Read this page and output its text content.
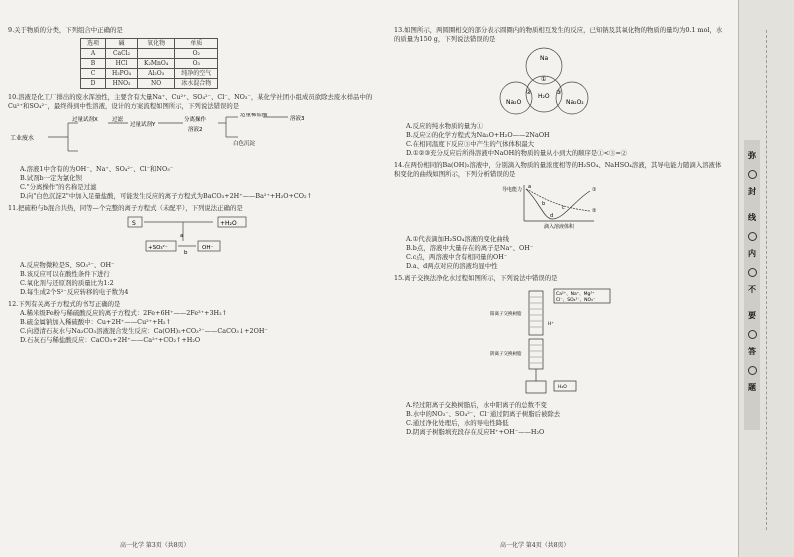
9.关于物质的分类，下列组合中正确的是

选项	碱	氧化物	单质
A	CaCl₂		O₂
B	HCl	K₂MnO₄	O₃
C	H₃PO₄	Al₂O₃	纯净的空气
D	HNO₃	NO	冰水混合物

10.溶液是化工厂排出的废水浑浊性，主要含有大量Na⁺、Cu²⁺、SO₄²⁻、Cl⁻、NO₃⁻，某化学社团小组成员欲除去废水样品中的Cu²⁺和SO₄²⁻，最终得到中性溶液，设计的方案流程如图所示，下列说法错误的是

工业废水
过量试剂X	过滤
过量试剂Y
分离操作
溶液2
适量稀盐酸
溶液3
白色沉淀

A.溶液1中含有的为OH⁻、Na⁺、SO₄²⁻、Cl⁻和NO₃⁻

B.试剂b一定为氯化钡

C."分离操作"的名称是过滤

D.向"白色沉淀2"中加入足量盐酸，可能发生反应的离子方程式为BaCO₃+2H⁺——Ba²⁺+H₂O+CO₂↑

11.把硫粉与b混合共热，同等—个完整的离子方程式（未配平），下列说法正确的是

S	+H₂O
+SO₃²⁻	OH⁻
a
b

A.反应物微粒是S、SO₃²⁻、OH⁻

B.该反应可以在酸性条件下进行

C.氧化剂与还原剂的质量比为1:2

D.每生成2个S²⁻反应转移的电子数为4

12.下列有关离子方程式的书写正确的是

A.稀米级Fe粉与稀硫酸反应的离子方程式：2Fe+6H⁺——2Fe³⁺+3H₂↑

B.硫金属钠加入稀硫酸中：Cu+2H⁺——Cu²⁺+H₂↑

C.向澄清石灰水与Na₂CO₃溶液混合发生反应：Ca(OH)₂+CO₃²⁻——CaCO₃↓+2OH⁻

D.石灰石与稀盐酸反应：CaCO₃+2H⁺——Ca²⁺+CO₂↑+H₂O

13.如图所示，两圆圈相交的部分表示圆圈内的物质相互发生的反应，已知钠及其氧化物的物质的量均为0.1 mol，水的质量为150 g，下列说法错误的是

Na
H₂O
Na₂O	Na₂O₂
①
②	③

A.反应的纯水物质的量为①

B.反应②的化学方程式为Na₂O+H₂O——2NaOH

C.在相同温度下反应③中产生的气体体积最大

D.①②③充分反应后所得溶液中NaOH的物质的量从小到大的顺序是①<③=②

14.在两份相同的Ba(OH)₂溶液中，分别滴入物质的量浓度相等的H₂SO₄、NaHSO₄溶液，其导电能力随滴入溶液体积变化的曲线如图所示，下列分析错误的是

导电能力
滴入溶液体积
a
b
c
d
①
②

A.①代表滴加H₂SO₄溶液的变化曲线

B.b点，溶液中大量存在的离子是Na⁺、OH⁻

C.c点，两溶液中含有相同量的OH⁻

D.a、d两点对应的溶液均显中性

15.离子交换法净化水过程如图所示，下列说法中错误的是

Ca²⁺、Na⁺、Mg²⁺
Cl⁻、SO₄²⁻、NO₃⁻
阳离子交换树脂
阴离子交换树脂
H⁺
H₂O

A.经过阳离子交换树脂后，水中阳离子的总数不变

B.水中的NO₃⁻、SO₄²⁻、Cl⁻通过阴离子树脂后被除去

C.通过净化处理后，水的导电性降低

D.阴离子树脂填充段存在反应H⁺+OH⁻——H₂O

高一化学 第3页（共8页）	高一化学 第4页（共8页）
弥
封
线
内
不
要
答
题
